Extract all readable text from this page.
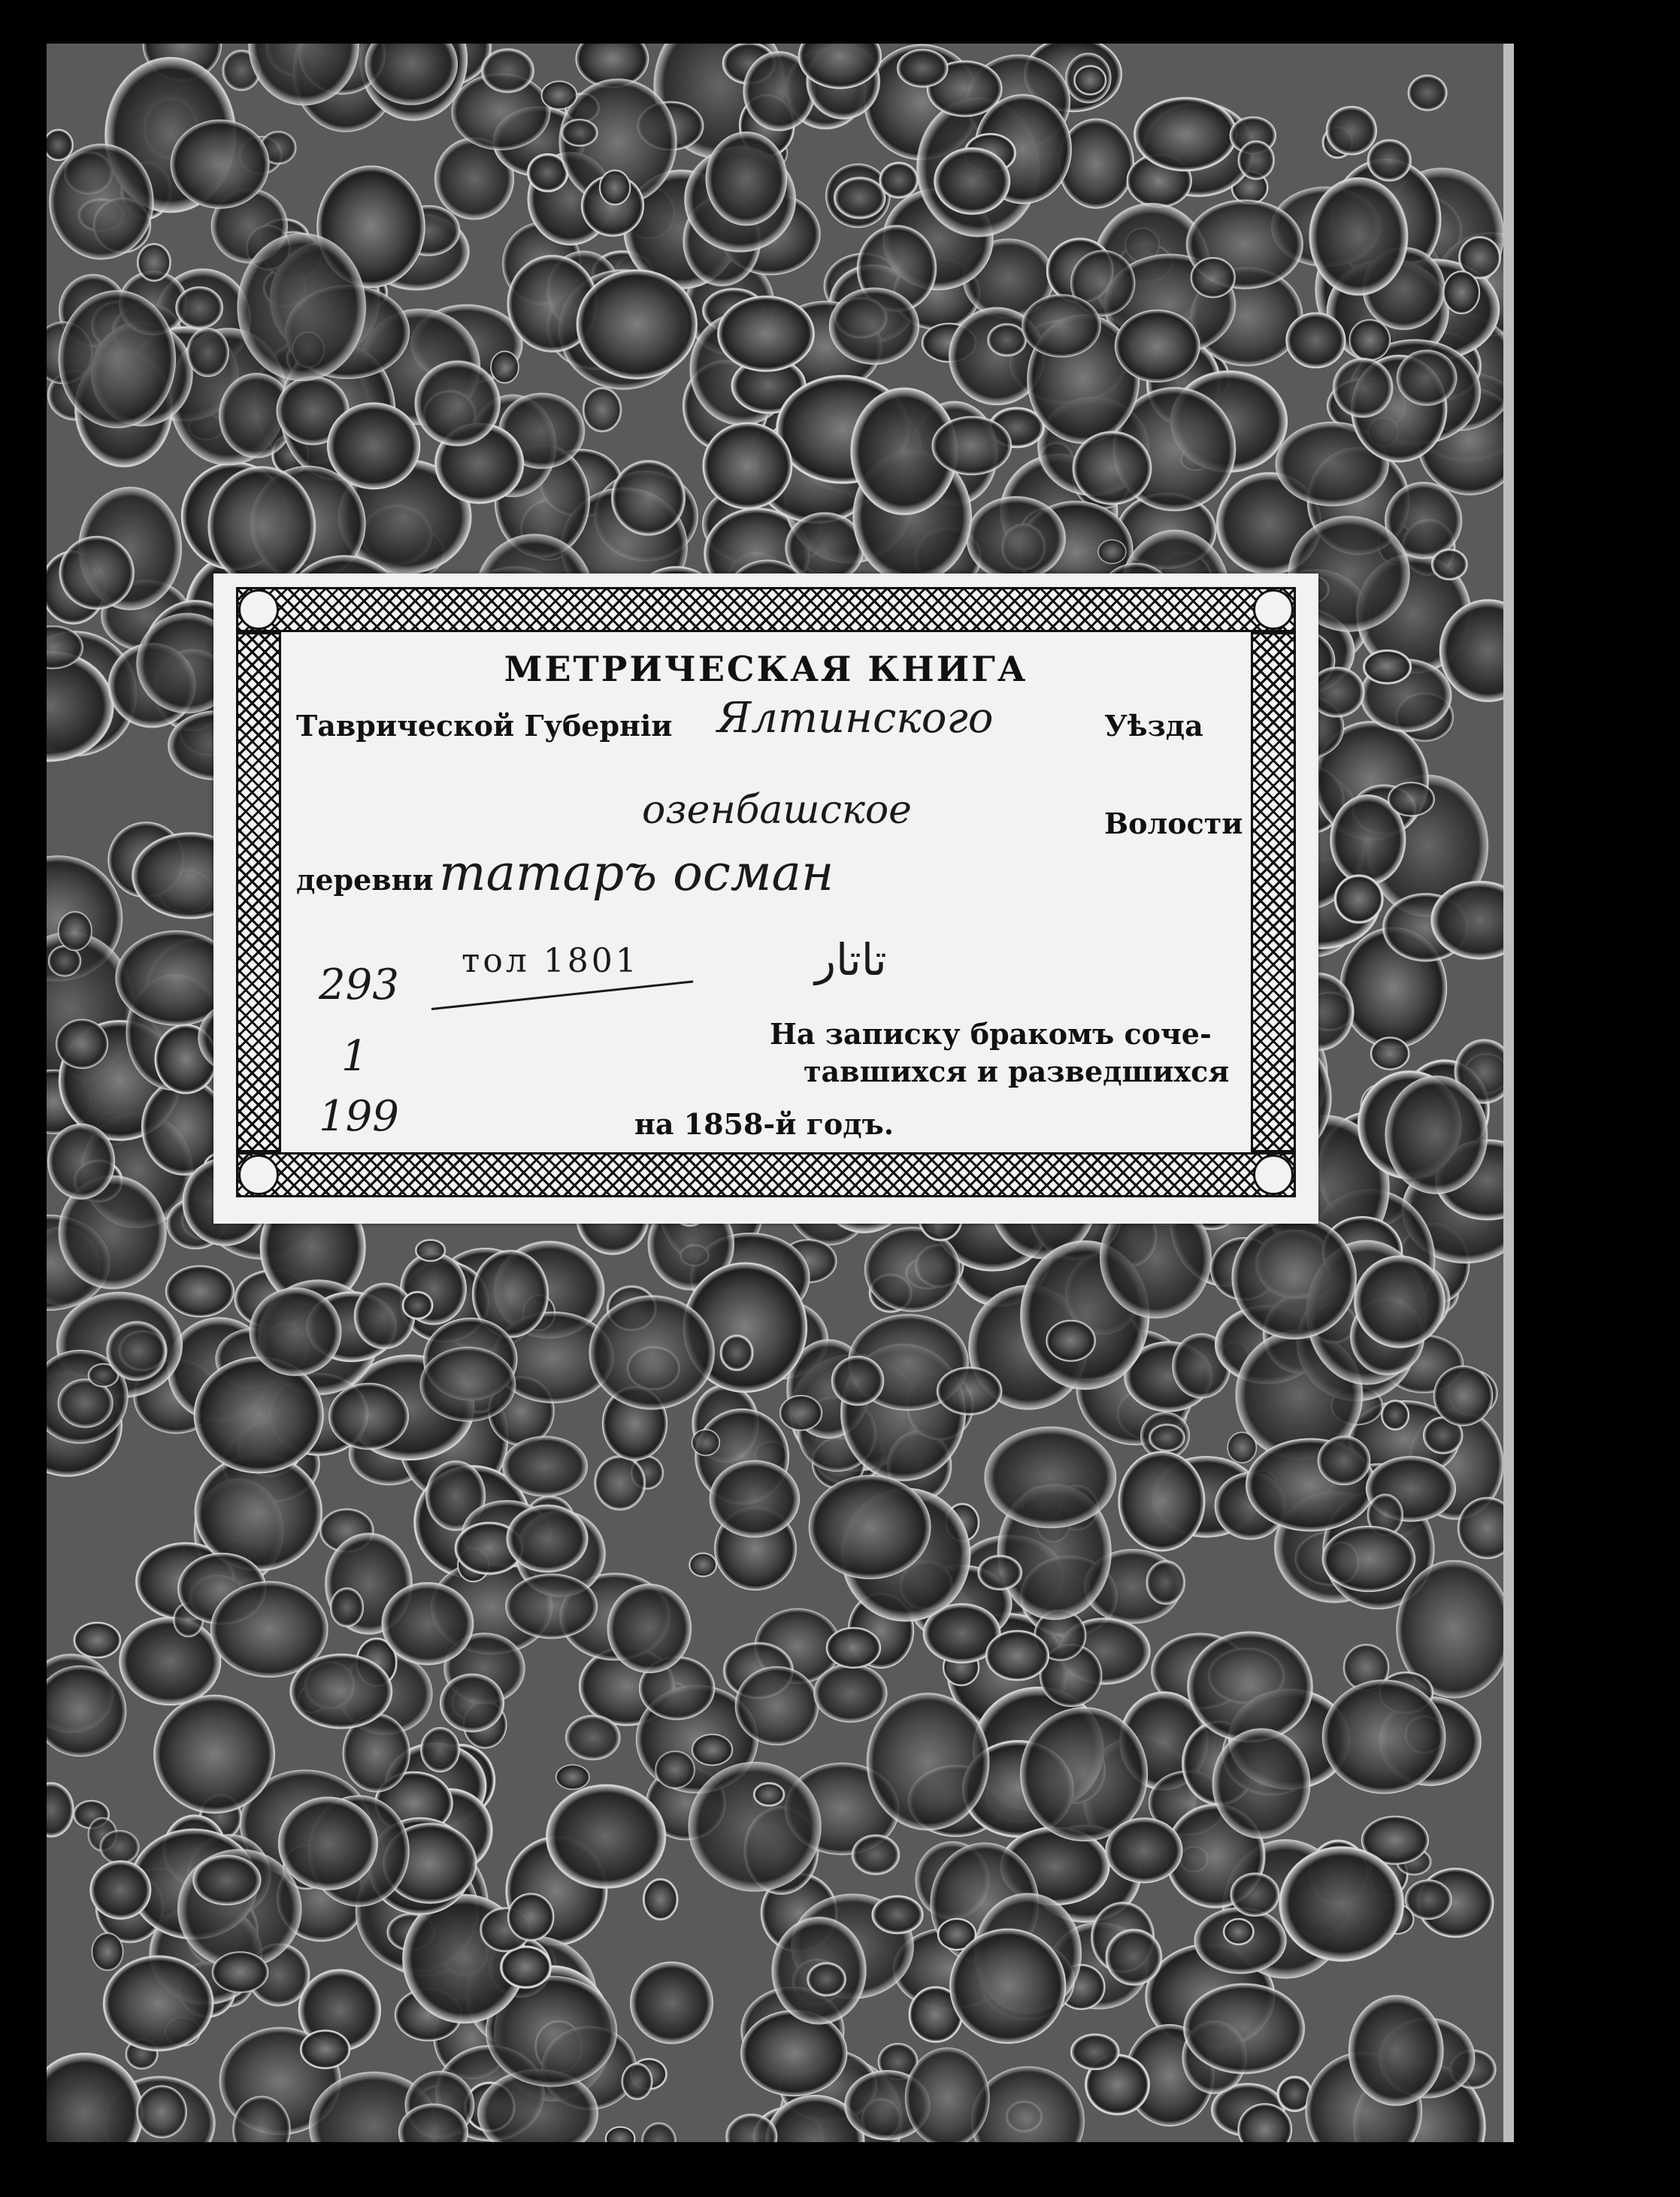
МЕТРИЧЕСКАЯ КНИГА
Таврической Губерніи Ялтинского	Уѣзда
озенбашское	Волости
деревни татаръ осман
293 тол 1801	ﺗﺎﺗﺎﺭ
1
199
На записку бракомъ соче-
тавшихся и разведшихся
на 1858-й годъ.
